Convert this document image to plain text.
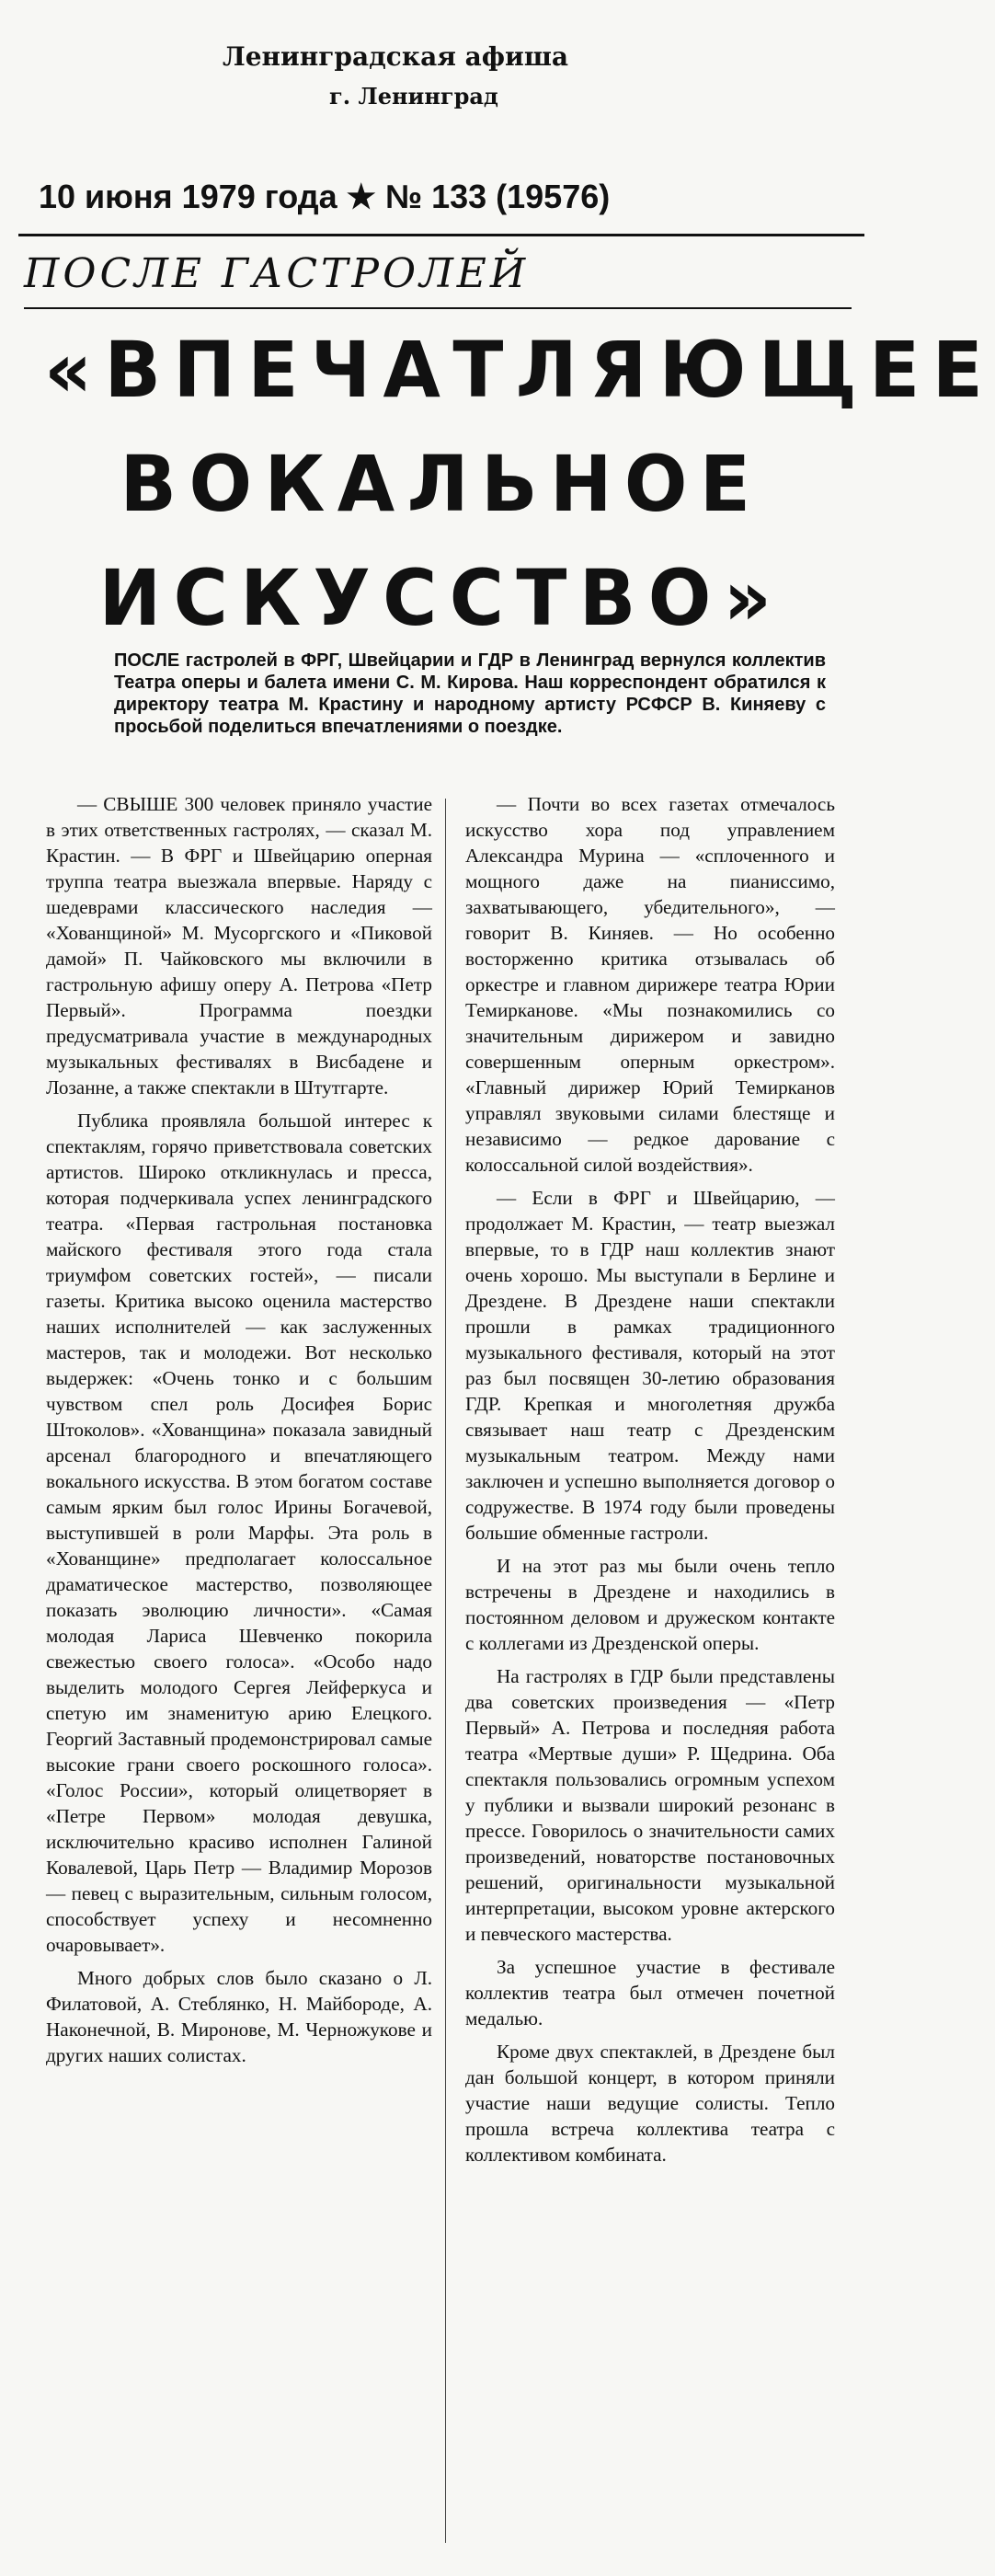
Ленинградская афиша
г. Ленинград
10 июня 1979 года ★ № 133 (19576)
ПОСЛЕ ГАСТРОЛЕЙ
«ВПЕЧАТЛЯЮЩЕЕ ВОКАЛЬНОЕ ИСКУССТВО»
ПОСЛЕ гастролей в ФРГ, Швейцарии и ГДР в Ленинград вернулся коллектив Театра оперы и балета имени С. М. Кирова. Наш корреспондент обратился к директору театра М. Крастину и народному артисту РСФСР В. Киняеву с просьбой поделиться впечатлениями о поездке.

— СВЫШЕ 300 человек приняло участие в этих ответственных гастролях, — сказал М. Крастин. — В ФРГ и Швейцарию оперная труппа театра выезжала впервые. Наряду с шедеврами классического наследия — «Хованщиной» М. Мусоргского и «Пиковой дамой» П. Чайковского мы включили в гастрольную афишу оперу А. Петрова «Петр Первый». Программа поездки предусматривала участие в международных музыкальных фестивалях в Висбадене и Лозанне, а также спектакли в Штутгарте.

Публика проявляла большой интерес к спектаклям, горячо приветствовала советских артистов. Широко откликнулась и пресса, которая подчеркивала успех ленинградского театра. «Первая гастрольная постановка майского фестиваля этого года стала триумфом советских гостей», — писали газеты. Критика высоко оценила мастерство наших исполнителей — как заслуженных мастеров, так и молодежи. Вот несколько выдержек: «Очень тонко и с большим чувством спел роль Досифея Борис Штоколов». «Хованщина» показала завидный арсенал благородного и впечатляющего вокального искусства. В этом богатом составе самым ярким был голос Ирины Богачевой, выступившей в роли Марфы. Эта роль в «Хованщине» предполагает колоссальное драматическое мастерство, позволяющее показать эволюцию личности». «Самая молодая Лариса Шевченко покорила свежестью своего голоса». «Особо надо выделить молодого Сергея Лейферкуса и спетую им знаменитую арию Елецкого. Георгий Заставный продемонстрировал самые высокие грани своего роскошного голоса». «Голос России», который олицетворяет в «Петре Первом» молодая девушка, исключительно красиво исполнен Галиной Ковалевой, Царь Петр — Владимир Морозов — певец с выразительным, сильным голосом, способствует успеху и несомненно очаровывает».

Много добрых слов было сказано о Л. Филатовой, А. Стеблянко, Н. Майбороде, А. Наконечной, В. Миронове, М. Черножукове и других наших солистах.

— Почти во всех газетах отмечалось искусство хора под управлением Александра Мурина — «сплоченного и мощного даже на пианиссимо, захватывающего, убедительного», — говорит В. Киняев. — Но особенно восторженно критика отзывалась об оркестре и главном дирижере театра Юрии Темирканове. «Мы познакомились со значительным дирижером и завидно совершенным оперным оркестром». «Главный дирижер Юрий Темирканов управлял звуковыми силами блестяще и независимо — редкое дарование с колоссальной силой воздействия».

— Если в ФРГ и Швейцарию, — продолжает М. Крастин, — театр выезжал впервые, то в ГДР наш коллектив знают очень хорошо. Мы выступали в Берлине и Дрездене. В Дрездене наши спектакли прошли в рамках традиционного музыкального фестиваля, который на этот раз был посвящен 30-летию образования ГДР. Крепкая и многолетняя дружба связывает наш театр с Дрезденским музыкальным театром. Между нами заключен и успешно выполняется договор о содружестве. В 1974 году были проведены большие обменные гастроли.

И на этот раз мы были очень тепло встречены в Дрездене и находились в постоянном деловом и дружеском контакте с коллегами из Дрезденской оперы.

На гастролях в ГДР были представлены два советских произведения — «Петр Первый» А. Петрова и последняя работа театра «Мертвые души» Р. Щедрина. Оба спектакля пользовались огромным успехом у публики и вызвали широкий резонанс в прессе. Говорилось о значительности самих произведений, новаторстве постановочных решений, оригинальности музыкальной интерпретации, высоком уровне актерского и певческого мастерства.

За успешное участие в фестивале коллектив театра был отмечен почетной медалью.

Кроме двух спектаклей, в Дрездене был дан большой концерт, в котором приняли участие наши ведущие солисты. Тепло прошла встреча коллектива театра с коллективом комбината.
